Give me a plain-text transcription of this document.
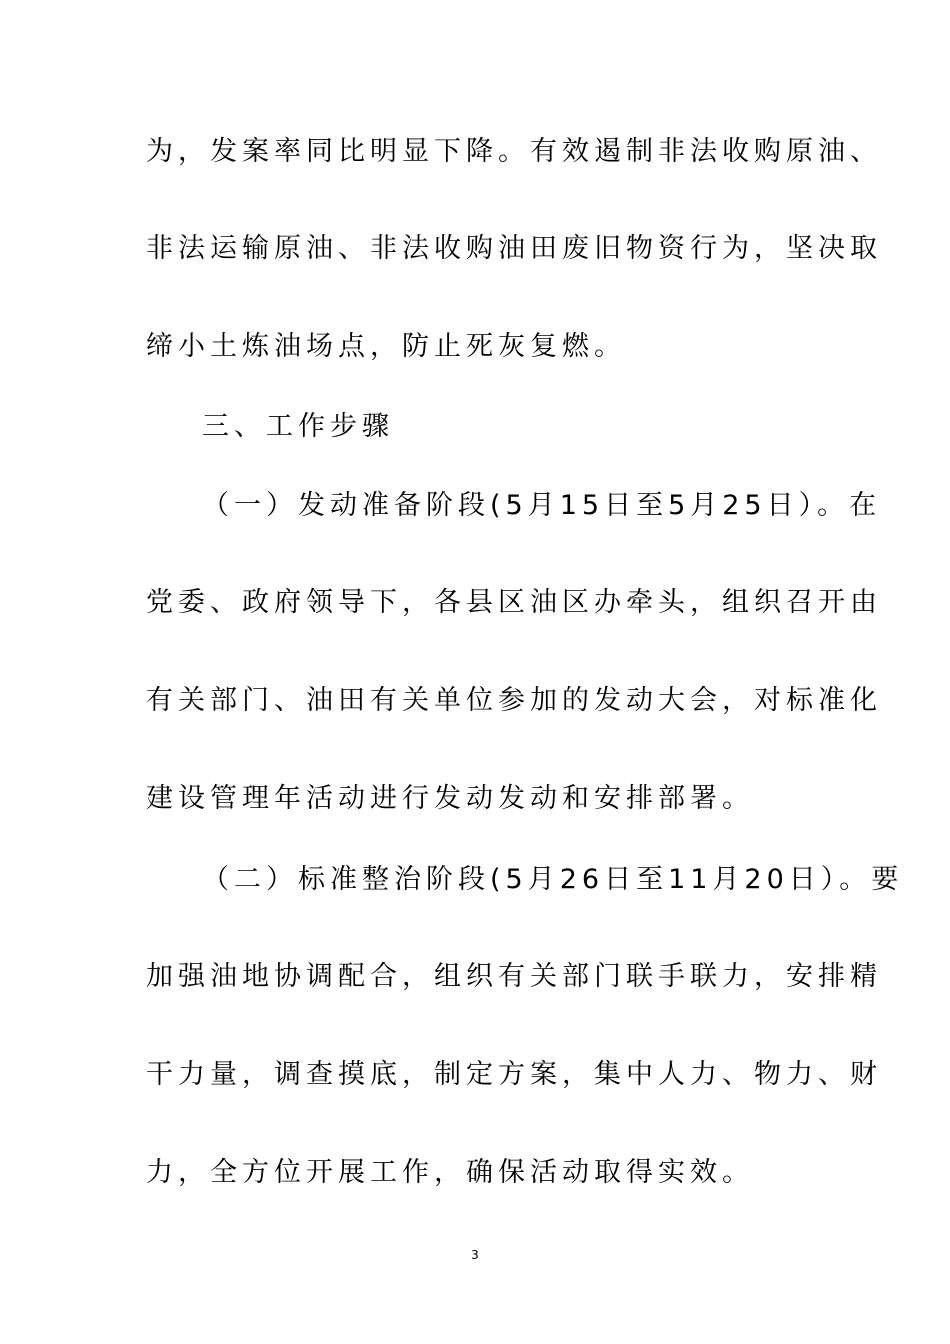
为，发案率同比明显下降。有效遏制非法收购原油、
非法运输原油、非法收购油田废旧物资行为，坚决取
缔小土炼油场点，防止死灰复燃。
三、工作步骤
（一）发动准备阶段(5月15日至5月25日）。在
党委、政府领导下，各县区油区办牵头，组织召开由
有关部门、油田有关单位参加的发动大会，对标准化
建设管理年活动进行发动发动和安排部署。
（二）标准整治阶段(5月26日至11月20日）。要
加强油地协调配合，组织有关部门联手联力，安排精
干力量，调查摸底，制定方案，集中人力、物力、财
力，全方位开展工作，确保活动取得实效。
3
